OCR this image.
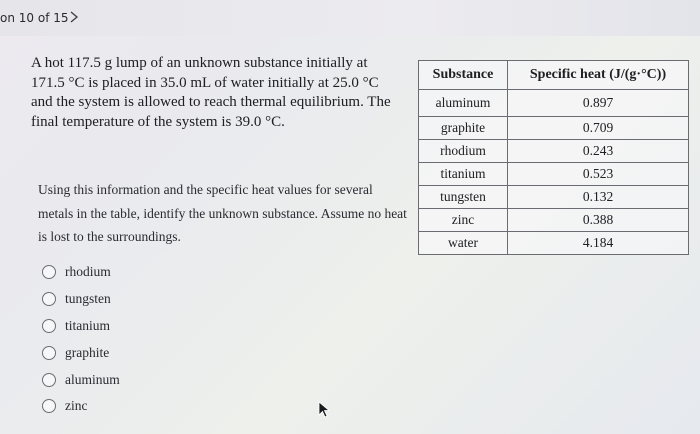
on 10 of 15
A hot 117.5 g lump of an unknown substance initially at 171.5 °C is placed in 35.0 mL of water initially at 25.0 °C and the system is allowed to reach thermal equilibrium. The final temperature of the system is 39.0 °C.
Using this information and the specific heat values for several metals in the table, identify the unknown substance. Assume no heat is lost to the surroundings.
Substance	Specific heat (J/(g·°C))
aluminum	0.897
graphite	0.709
rhodium	0.243
titanium	0.523
tungsten	0.132
zinc	0.388
water	4.184
rhodium
tungsten
titanium
graphite
aluminum
zinc
